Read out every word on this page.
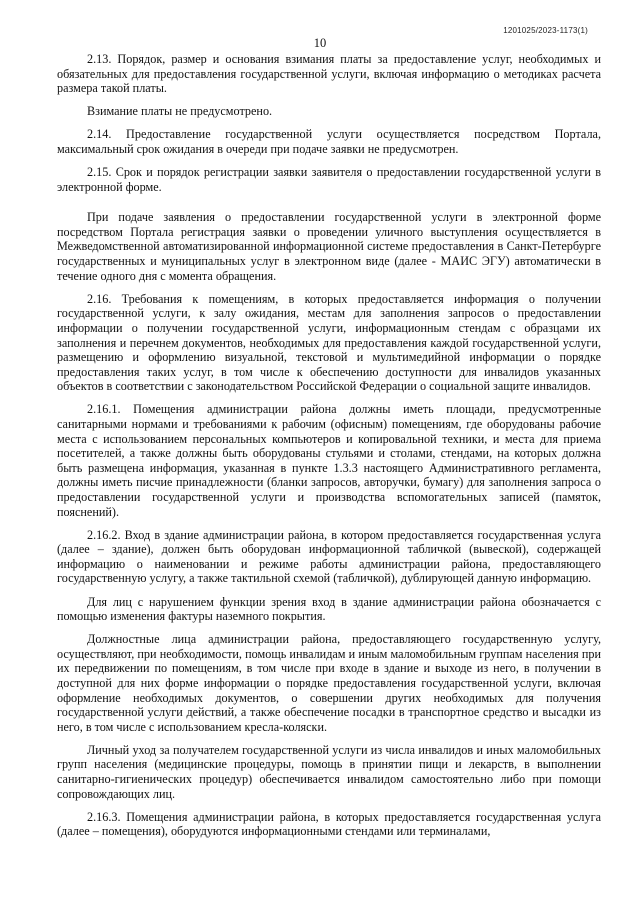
1201025/2023-1173(1)
10

2.13. Порядок, размер и основания взимания платы за предоставление услуг, необходимых и обязательных для предоставления государственной услуги, включая информацию о методиках расчета размера такой платы.

Взимание платы не предусмотрено.

2.14. Предоставление государственной услуги осуществляется посредством Портала, максимальный срок ожидания в очереди при подаче заявки не предусмотрен.

2.15. Срок и порядок регистрации заявки заявителя о предоставлении государственной услуги в электронной форме.

При подаче заявления о предоставлении государственной услуги в электронной форме посредством Портала регистрация заявки о проведении уличного выступления осуществляется в Межведомственной автоматизированной информационной системе предоставления в Санкт-Петербурге государственных и муниципальных услуг в электронном виде (далее - МАИС ЭГУ) автоматически в течение одного дня с момента обращения.

2.16. Требования к помещениям, в которых предоставляется информация о получении государственной услуги, к залу ожидания, местам для заполнения запросов о предоставлении информации о получении государственной услуги, информационным стендам с образцами их заполнения и перечнем документов, необходимых для предоставления каждой государственной услуги, размещению и оформлению визуальной, текстовой и мультимедийной информации о порядке предоставления таких услуг, в том числе к обеспечению доступности для инвалидов указанных объектов в соответствии с законодательством Российской Федерации о социальной защите инвалидов.

2.16.1. Помещения администрации района должны иметь площади, предусмотренные санитарными нормами и требованиями к рабочим (офисным) помещениям, где оборудованы рабочие места с использованием персональных компьютеров и копировальной техники, и места для приема посетителей, а также должны быть оборудованы стульями и столами, стендами, на которых должна быть размещена информация, указанная в пункте 1.3.3 настоящего Административного регламента, должны иметь писчие принадлежности (бланки запросов, авторучки, бумагу) для заполнения запроса о предоставлении государственной услуги и производства вспомогательных записей (памяток, пояснений).

2.16.2. Вход в здание администрации района, в котором предоставляется государственная услуга (далее – здание), должен быть оборудован информационной табличкой (вывеской), содержащей информацию о наименовании и режиме работы администрации района, предоставляющего государственную услугу, а также тактильной схемой (табличкой), дублирующей данную информацию.

Для лиц с нарушением функции зрения вход в здание администрации района обозначается с помощью изменения фактуры наземного покрытия.

Должностные лица администрации района, предоставляющего государственную услугу, осуществляют, при необходимости, помощь инвалидам и иным маломобильным группам населения при их передвижении по помещениям, в том числе при входе в здание и выходе из него, в получении в доступной для них форме информации о порядке предоставления государственной услуги, включая оформление необходимых документов, о совершении других необходимых для получения государственной услуги действий, а также обеспечение посадки в транспортное средство и высадки из него, в том числе с использованием кресла-коляски.

Личный уход за получателем государственной услуги из числа инвалидов и иных маломобильных групп населения (медицинские процедуры, помощь в принятии пищи и лекарств, в выполнении санитарно-гигиенических процедур) обеспечивается инвалидом самостоятельно либо при помощи сопровождающих лиц.

2.16.3. Помещения администрации района, в которых предоставляется государственная услуга (далее – помещения), оборудуются информационными стендами или терминалами,
